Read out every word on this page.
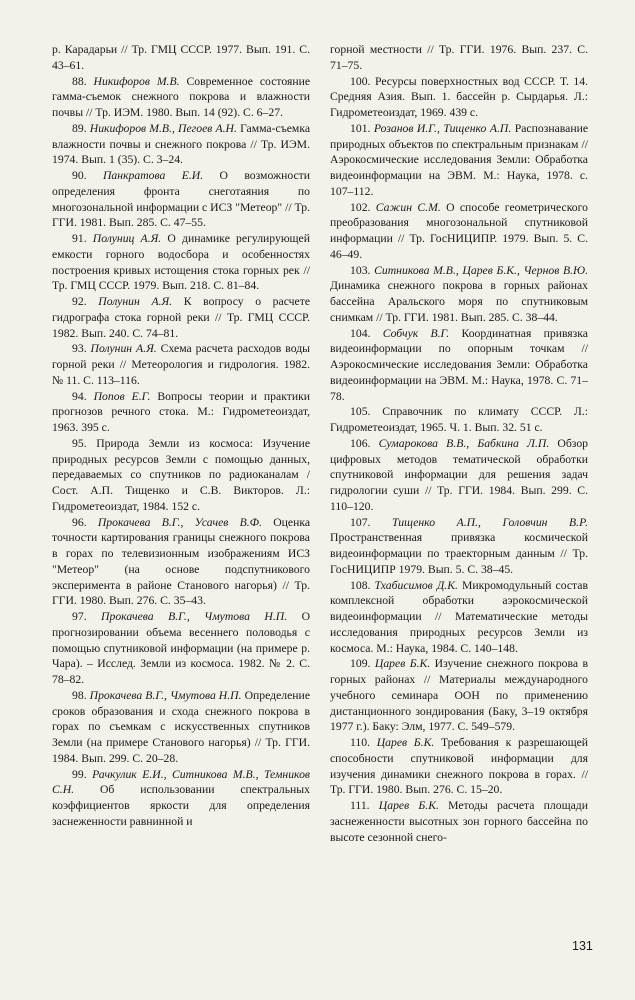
р. Карадарьи // Тр. ГМЦ СССР. 1977. Вып. 191. С. 43–61.

88. Никифоров М.В. Современное состояние гамма-съемок снежного покрова и влажности почвы // Тр. ИЭМ. 1980. Вып. 14 (92). С. 6–27.

89. Никифоров М.В., Пегоев А.Н. Гамма-съемка влажности почвы и снежного покрова // Тр. ИЭМ. 1974. Вып. 1 (35). С. 3–24.

90. Панкратова Е.И. О возможности определения фронта снеготаяния по многозональной информации с ИСЗ "Метеор" // Тр. ГГИ. 1981. Вып. 285. С. 47–55.

91. Полуниц А.Я. О динамике регулирующей емкости горного водосбора и особенностях построения кривых истощения стока горных рек // Тр. ГМЦ СССР. 1979. Вып. 218. С. 81–84.

92. Полунин А.Я. К вопросу о расчете гидрографа стока горной реки // Тр. ГМЦ СССР. 1982. Вып. 240. С. 74–81.

93. Полунин А.Я. Схема расчета расходов воды горной реки // Метеорология и гидрология. 1982. № 11. С. 113–116.

94. Попов Е.Г. Вопросы теории и практики прогнозов речного стока. М.: Гидрометеоиздат, 1963. 395 с.

95. Природа Земли из космоса: Изучение природных ресурсов Земли с помощью данных, передаваемых со спутников по радиоканалам / Сост. А.П. Тищенко и С.В. Викторов. Л.: Гидрометеоиздат, 1984. 152 с.

96. Прокачева В.Г., Усачев В.Ф. Оценка точности картирования границы снежного покрова в горах по телевизионным изображениям ИСЗ "Метеор" (на основе подспутникового эксперимента в районе Станового нагорья) // Тр. ГГИ. 1980. Вып. 276. С. 35–43.

97. Прокачева В.Г., Чмутова Н.П. О прогнозировании объема весеннего половодья с помощью спутниковой информации (на примере р. Чара). – Исслед. Земли из космоса. 1982. № 2. С. 78–82.

98. Прокачева В.Г., Чмутова Н.П. Определение сроков образования и схода снежного покрова в горах по съемкам с искусственных спутников Земли (на примере Станового нагорья) // Тр. ГГИ. 1984. Вып. 299. С. 20–28.

99. Рачкулик Е.И., Ситникова М.В., Темников С.Н. Об использовании спектральных коэффициентов яркости для определения заснеженности равнинной и

горной местности // Тр. ГГИ. 1976. Вып. 237. С. 71–75.

100. Ресурсы поверхностных вод СССР. Т. 14. Средняя Азия. Вып. 1. бассейн р. Сырдарья. Л.: Гидрометеоиздат, 1969. 439 с.

101. Розанов И.Г., Тищенко А.П. Распознавание природных объектов по спектральным признакам // Аэрокосмические исследования Земли: Обработка видеоинформации на ЭВМ. М.: Наука, 1978. с. 107–112.

102. Сажин С.М. О способе геометрического преобразования многозональной спутниковой информации // Тр. ГосНИЦИПР. 1979. Вып. 5. С. 46–49.

103. Ситникова М.В., Царев Б.К., Чернов В.Ю. Динамика снежного покрова в горных районах бассейна Аральского моря по спутниковым снимкам // Тр. ГГИ. 1981. Вып. 285. С. 38–44.

104. Собчук В.Г. Координатная привязка видеоинформации по опорным точкам // Аэрокосмические исследования Земли: Обработка видеоинформации на ЭВМ. М.: Наука, 1978. С. 71–78.

105. Справочник по климату СССР. Л.: Гидрометеоиздат, 1965. Ч. 1. Вып. 32. 51 с.

106. Сумарокова В.В., Бабкина Л.П. Обзор цифровых методов тематической обработки спутниковой информации для решения задач гидрологии суши // Тр. ГГИ. 1984. Вып. 299. С. 110–120.

107. Тищенко А.П., Головчин В.Р. Пространственная привязка космической видеоинформации по траекторным данным // Тр. ГосНИЦИПР 1979. Вып. 5. С. 38–45.

108. Тхабисимов Д.К. Микромодульный состав комплексной обработки аэрокосмической видеоинформации // Математические методы исследования природных ресурсов Земли из космоса. М.: Наука, 1984. С. 140–148.

109. Царев Б.К. Изучение снежного покрова в горных районах // Материалы международного учебного семинара ООН по применению дистанционного зондирования (Баку, 3–19 октября 1977 г.). Баку: Элм, 1977. С. 549–579.

110. Царев Б.К. Требования к разрешающей способности спутниковой информации для изучения динамики снежного покрова в горах. // Тр. ГГИ. 1980. Вып. 276. С. 15–20.

111. Царев Б.К. Методы расчета площади заснеженности высотных зон горного бассейна по высоте сезонной снего-

131
